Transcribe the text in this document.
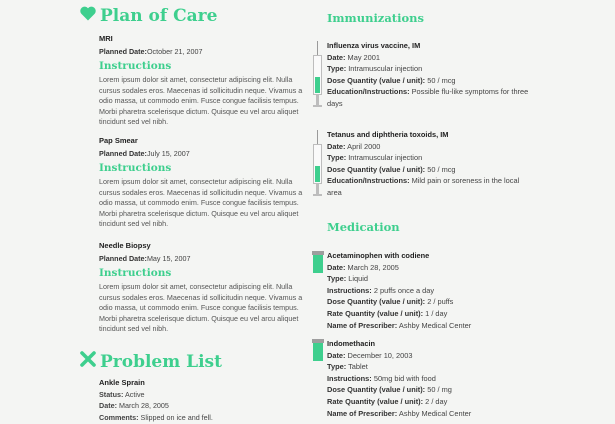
Plan of Care
MRI
Planned Date:October 21, 2007
Instructions
Lorem ipsum dolor sit amet, consectetur adipiscing elit. Nulla cursus sodales eros. Maecenas id sollicitudin neque. Vivamus a odio massa, ut commodo enim. Fusce congue facilisis tempus. Morbi pharetra scelerisque dictum. Quisque eu vel arcu aliquet tincidunt sed vel nibh.
Pap Smear
Planned Date:July 15, 2007
Instructions
Lorem ipsum dolor sit amet, consectetur adipiscing elit. Nulla cursus sodales eros. Maecenas id sollicitudin neque. Vivamus a odio massa, ut commodo enim. Fusce congue facilisis tempus. Morbi pharetra scelerisque dictum. Quisque eu vel arcu aliquet tincidunt sed vel nibh.
Needle Biopsy
Planned Date:May 15, 2007
Instructions
Lorem ipsum dolor sit amet, consectetur adipiscing elit. Nulla cursus sodales eros. Maecenas id sollicitudin neque. Vivamus a odio massa, ut commodo enim. Fusce congue facilisis tempus. Morbi pharetra scelerisque dictum. Quisque eu vel arcu aliquet tincidunt sed vel nibh.
Problem List
Ankle Sprain
Status: Active
Date: March 28, 2005
Comments: Slipped on ice and fell.
Immunizations
Influenza virus vaccine, IM
Date: May 2001
Type: Intramuscular injection
Dose Quantity (value / unit): 50 / mcg
Education/Instructions: Possible flu-like symptoms for three days
Tetanus and diphtheria toxoids, IM
Date: April 2000
Type: Intramuscular injection
Dose Quantity (value / unit): 50 / mcg
Education/Instructions: Mild pain or soreness in the local area
Medication
Acetaminophen with codiene
Date: March 28, 2005
Type: Liquid
Instructions: 2 puffs once a day
Dose Quantity (value / unit): 2 / puffs
Rate Quantity (value / unit): 1 / day
Name of Prescriber: Ashby Medical Center
Indomethacin
Date: December 10, 2003
Type: Tablet
Instructions: 50mg bid with food
Dose Quantity (value / unit): 50 / mg
Rate Quantity (value / unit): 2 / day
Name of Prescriber: Ashby Medical Center
